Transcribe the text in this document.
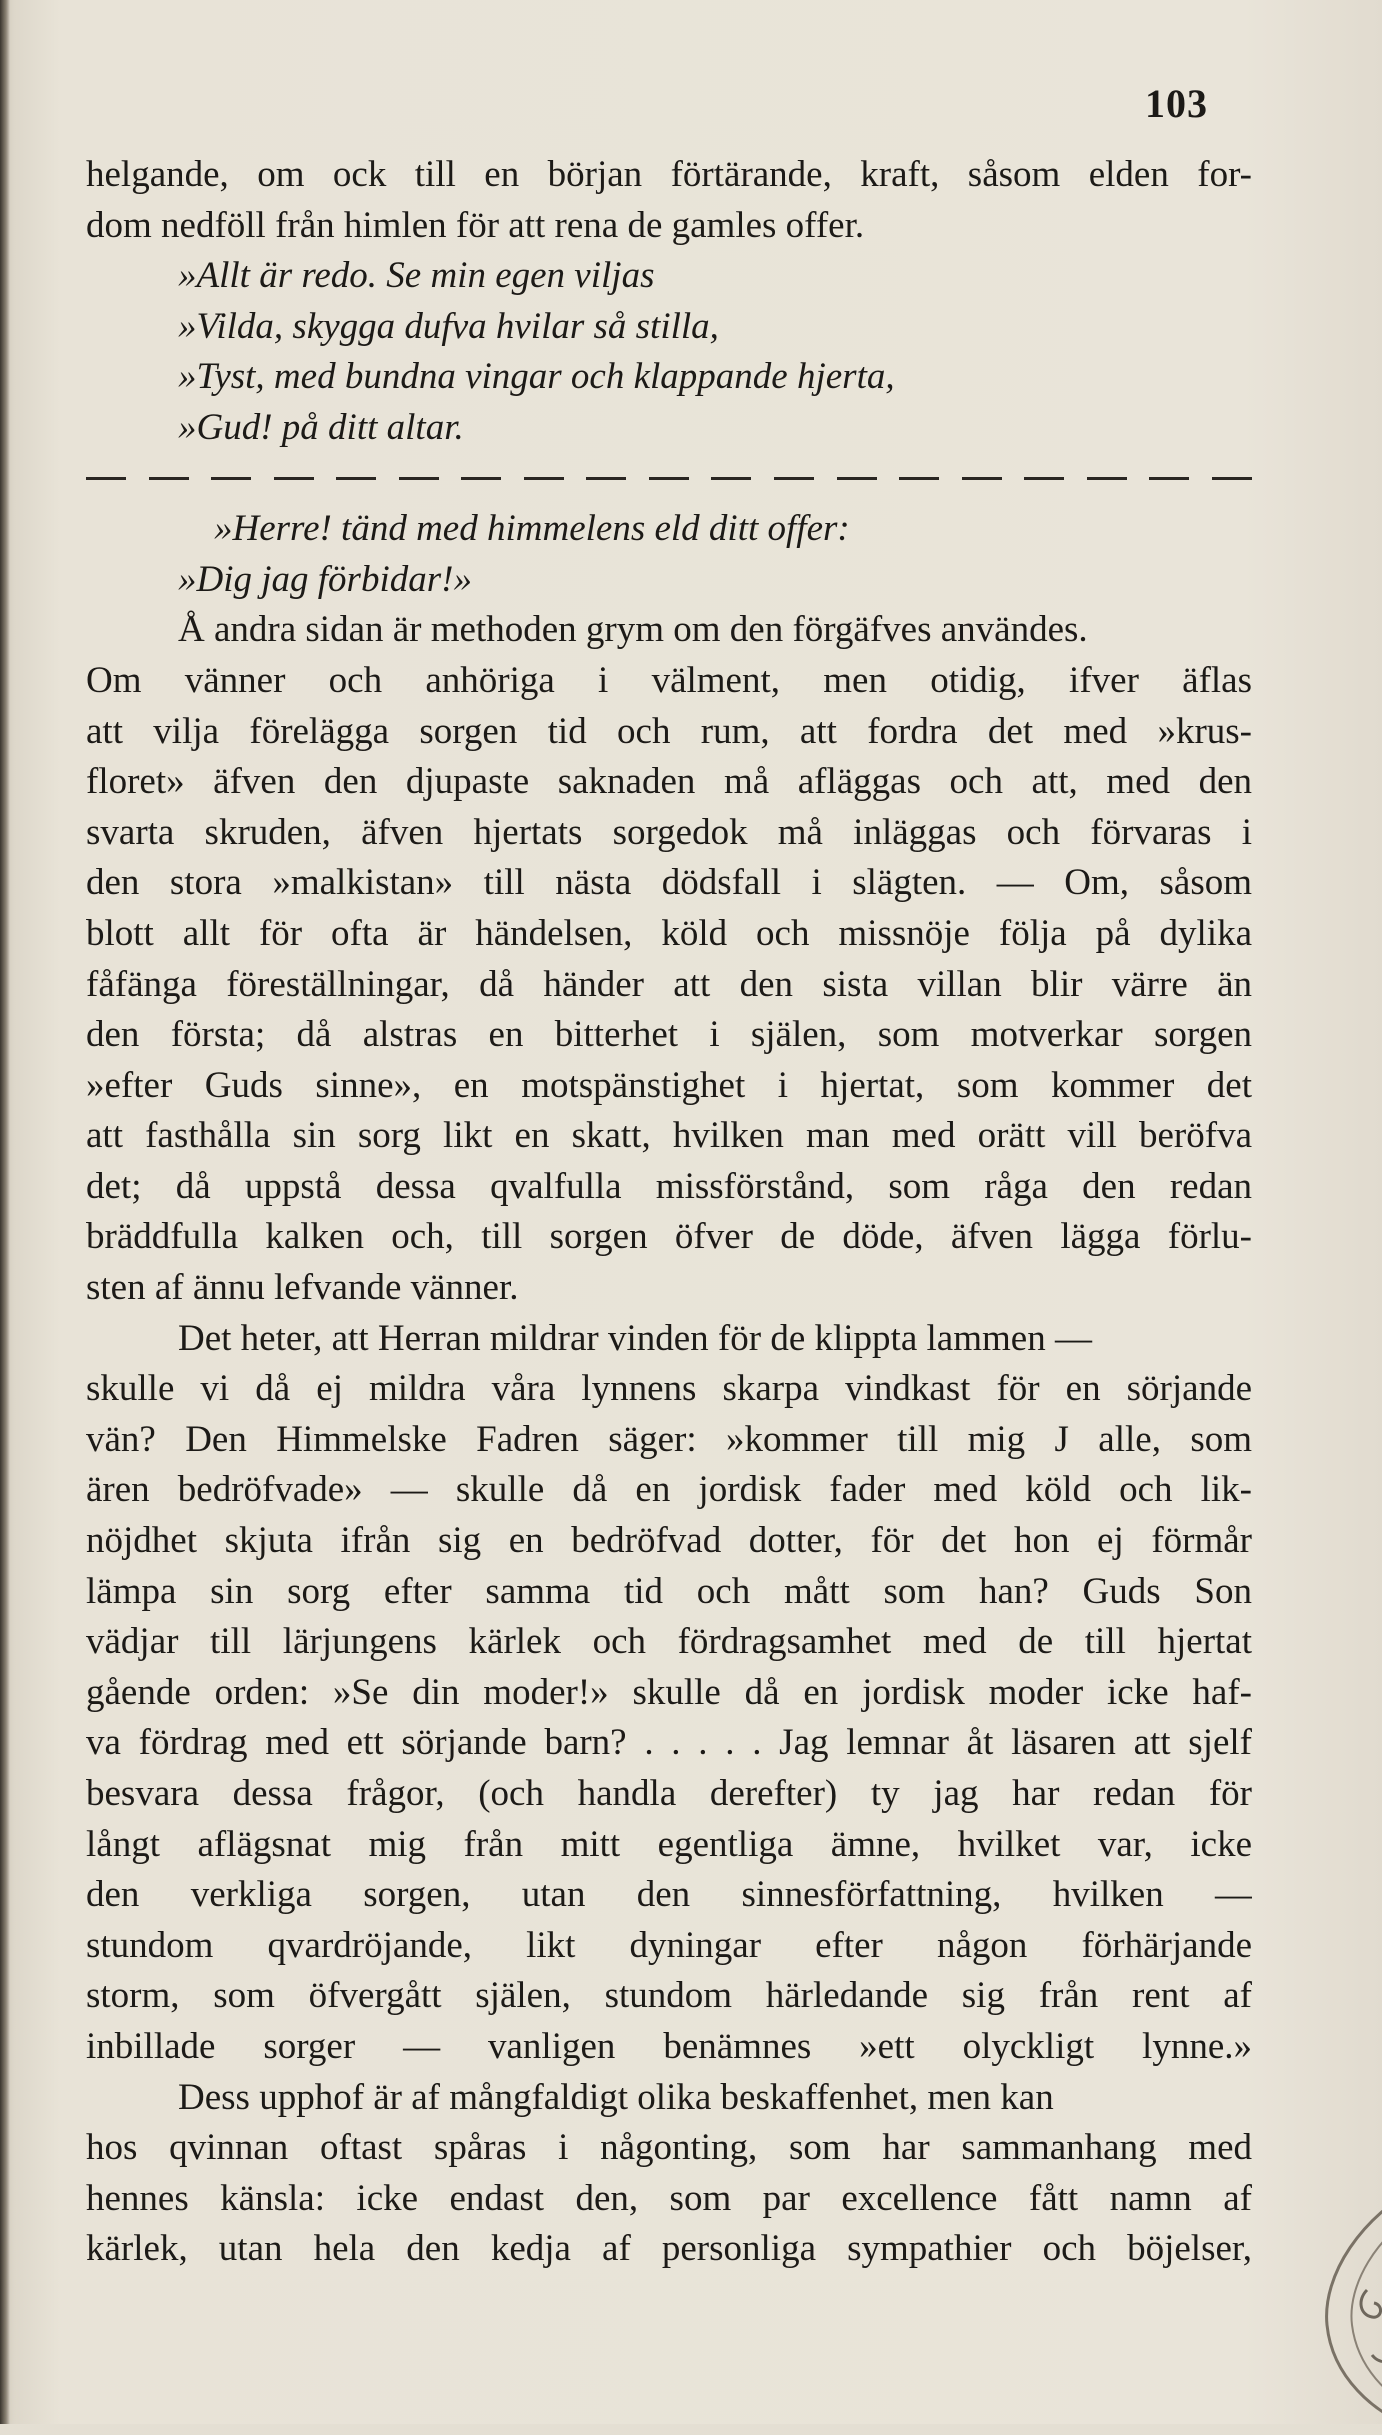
103
helgande, om ock till en början förtärande, kraft, såsom elden for-
dom nedföll från himlen för att rena de gamles offer.
»Allt är redo. Se min egen viljas
»Vilda, skygga dufva hvilar så stilla,
»Tyst, med bundna vingar och klappande hjerta,
»Gud! på ditt altar.
»Herre! tänd med himmelens eld ditt offer:
»Dig jag förbidar!»
Å andra sidan är methoden grym om den förgäfves användes.
Om vänner och anhöriga i välment, men otidig, ifver äflas
att vilja förelägga sorgen tid och rum, att fordra det med »krus-
floret» äfven den djupaste saknaden må afläggas och att, med den
svarta skruden, äfven hjertats sorgedok må inläggas och förvaras i
den stora »malkistan» till nästa dödsfall i slägten. — Om, såsom
blott allt för ofta är händelsen, köld och missnöje följa på dylika
fåfänga föreställningar, då händer att den sista villan blir värre än
den första; då alstras en bitterhet i själen, som motverkar sorgen
»efter Guds sinne», en motspänstighet i hjertat, som kommer det
att fasthålla sin sorg likt en skatt, hvilken man med orätt vill beröfva
det; då uppstå dessa qvalfulla missförstånd, som råga den redan
bräddfulla kalken och, till sorgen öfver de döde, äfven lägga förlu-
sten af ännu lefvande vänner.
Det heter, att Herran mildrar vinden för de klippta lammen —
skulle vi då ej mildra våra lynnens skarpa vindkast för en sörjande
vän? Den Himmelske Fadren säger: »kommer till mig J alle, som
ären bedröfvade» — skulle då en jordisk fader med köld och lik-
nöjdhet skjuta ifrån sig en bedröfvad dotter, för det hon ej förmår
lämpa sin sorg efter samma tid och mått som han? Guds Son
vädjar till lärjungens kärlek och fördragsamhet med de till hjertat
gående orden: »Se din moder!» skulle då en jordisk moder icke haf-
va fördrag med ett sörjande barn? . . . . . Jag lemnar åt läsaren att sjelf
besvara dessa frågor, (och handla derefter) ty jag har redan för
långt aflägsnat mig från mitt egentliga ämne, hvilket var, icke
den verkliga sorgen, utan den sinnesförfattning, hvilken —
stundom qvardröjande, likt dyningar efter någon förhärjande
storm, som öfvergått själen, stundom härledande sig från rent af
inbillade sorger — vanligen benämnes »ett olyckligt lynne.»
Dess upphof är af mångfaldigt olika beskaffenhet, men kan
hos qvinnan oftast spåras i någonting, som har sammanhang med
hennes känsla: icke endast den, som par excellence fått namn af
kärlek, utan hela den kedja af personliga sympathier och böjelser,
